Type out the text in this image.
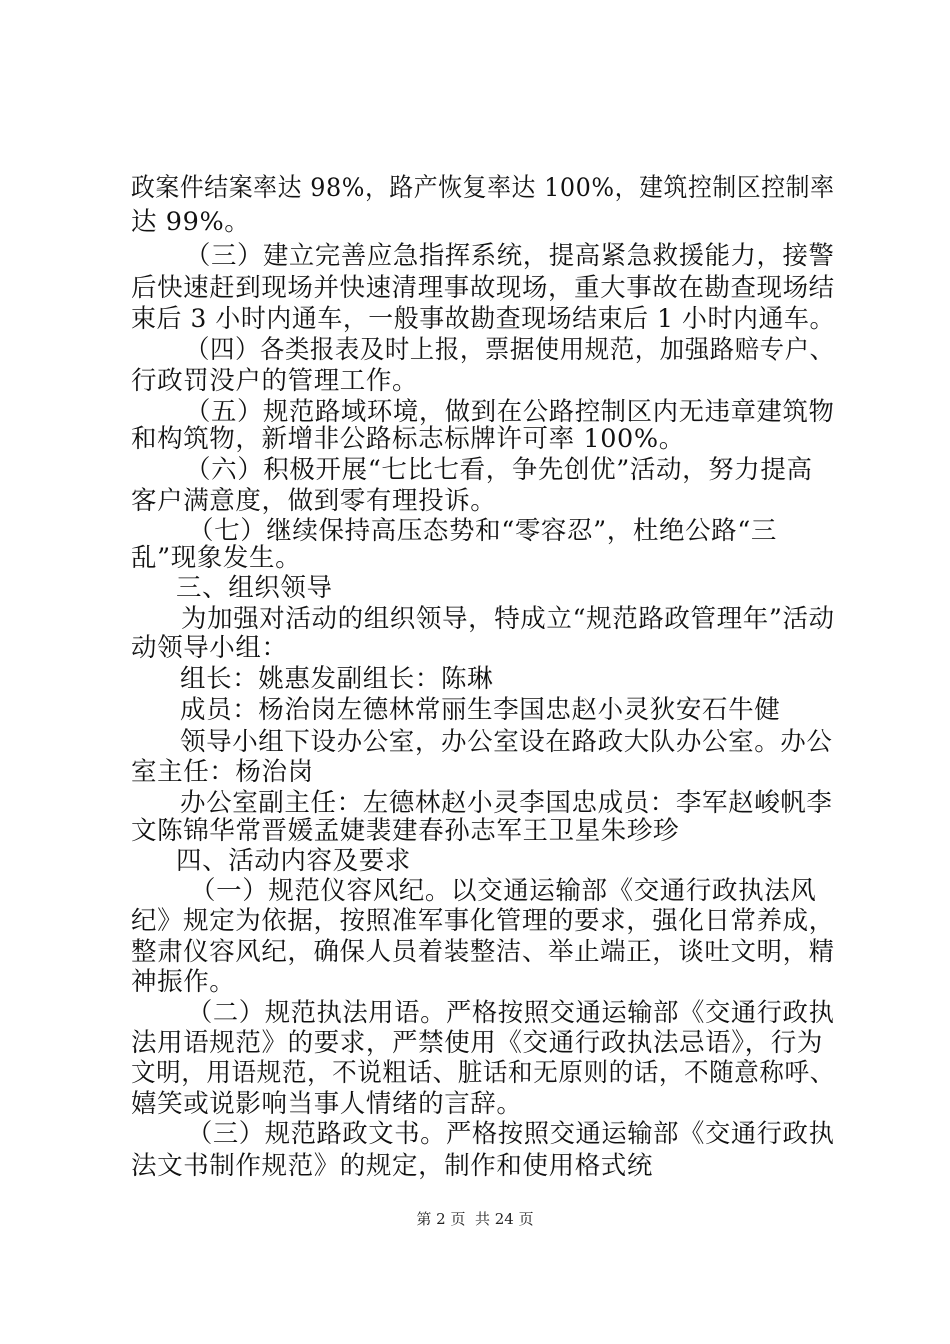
政案件结案率达 98%，路产恢复率达 100%，建筑控制区控制率
达 99%。
（三）建立完善应急指挥系统，提高紧急救援能力，接警
后快速赶到现场并快速清理事故现场，重大事故在勘查现场结
束后 3 小时内通车，一般事故勘查现场结束后 1 小时内通车。
（四）各类报表及时上报，票据使用规范，加强路赔专户、
行政罚没户的管理工作。
（五）规范路域环境，做到在公路控制区内无违章建筑物
和构筑物，新增非公路标志标牌许可率 100%。
（六）积极开展“七比七看，争先创优”活动，努力提高
客户满意度，做到零有理投诉。
（七）继续保持高压态势和“零容忍”，杜绝公路“三
乱”现象发生。
三、组织领导
为加强对活动的组织领导，特成立“规范路政管理年”活动
动领导小组：
组长：姚惠发副组长：陈琳
成员：杨治岗左德林常丽生李国忠赵小灵狄安石牛健
领导小组下设办公室，办公室设在路政大队办公室。办公
室主任：杨治岗
办公室副主任：左德林赵小灵李国忠成员：李军赵峻帆李
文陈锦华常晋媛孟婕裴建春孙志军王卫星朱珍珍
四、活动内容及要求
（一）规范仪容风纪。以交通运输部《交通行政执法风
纪》规定为依据，按照准军事化管理的要求，强化日常养成，
整肃仪容风纪，确保人员着装整洁、举止端正，谈吐文明，精
神振作。
（二）规范执法用语。严格按照交通运输部《交通行政执
法用语规范》的要求，严禁使用《交通行政执法忌语》，行为
文明，用语规范，不说粗话、脏话和无原则的话，不随意称呼、
嬉笑或说影响当事人情绪的言辞。
（三）规范路政文书。严格按照交通运输部《交通行政执
法文书制作规范》的规定，制作和使用格式统
第 2 页  共 24 页
